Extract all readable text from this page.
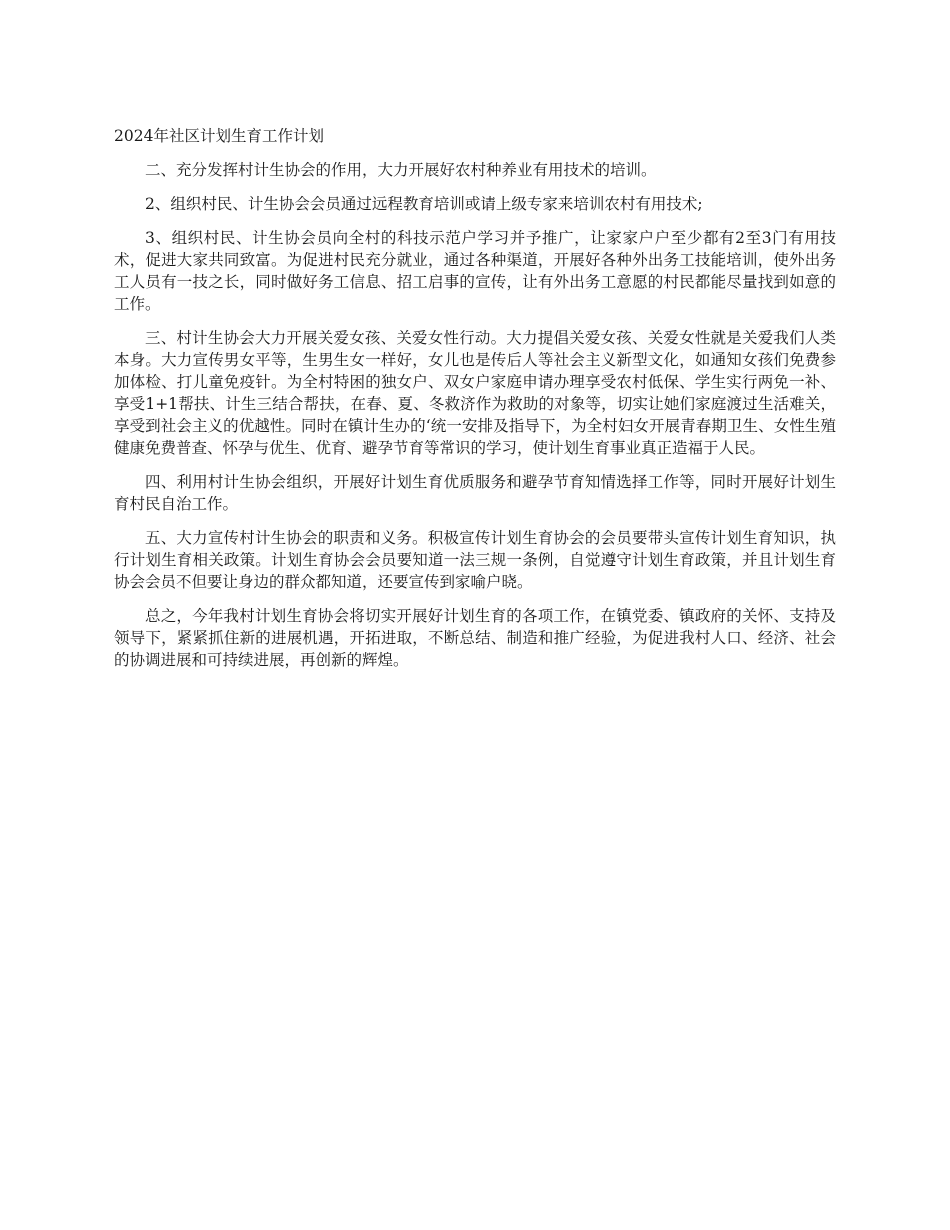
2024年社区计划生育工作计划

二、充分发挥村计生协会的作用，大力开展好农村种养业有用技术的培训。

2、组织村民、计生协会会员通过远程教育培训或请上级专家来培训农村有用技术;

3、组织村民、计生协会员向全村的科技示范户学习并予推广，让家家户户至少都有2至3门有用技术，促进大家共同致富。为促进村民充分就业，通过各种渠道，开展好各种外出务工技能培训，使外出务工人员有一技之长，同时做好务工信息、招工启事的宣传，让有外出务工意愿的村民都能尽量找到如意的工作。

三、村计生协会大力开展关爱女孩、关爱女性行动。大力提倡关爱女孩、关爱女性就是关爱我们人类本身。大力宣传男女平等，生男生女一样好，女儿也是传后人等社会主义新型文化，如通知女孩们免费参加体检、打儿童免疫针。为全村特困的独女户、双女户家庭申请办理享受农村低保、学生实行两免一补、享受1+1帮扶、计生三结合帮扶，在春、夏、冬救济作为救助的对象等，切实让她们家庭渡过生活难关，享受到社会主义的优越性。同时在镇计生办的‘统一安排及指导下，为全村妇女开展青春期卫生、女性生殖健康免费普查、怀孕与优生、优育、避孕节育等常识的学习，使计划生育事业真正造福于人民。

四、利用村计生协会组织，开展好计划生育优质服务和避孕节育知情选择工作等，同时开展好计划生育村民自治工作。

五、大力宣传村计生协会的职责和义务。积极宣传计划生育协会的会员要带头宣传计划生育知识，执行计划生育相关政策。计划生育协会会员要知道一法三规一条例，自觉遵守计划生育政策，并且计划生育协会会员不但要让身边的群众都知道，还要宣传到家喻户晓。

总之，今年我村计划生育协会将切实开展好计划生育的各项工作，在镇党委、镇政府的关怀、支持及领导下，紧紧抓住新的进展机遇，开拓进取，不断总结、制造和推广经验，为促进我村人口、经济、社会的协调进展和可持续进展，再创新的辉煌。
